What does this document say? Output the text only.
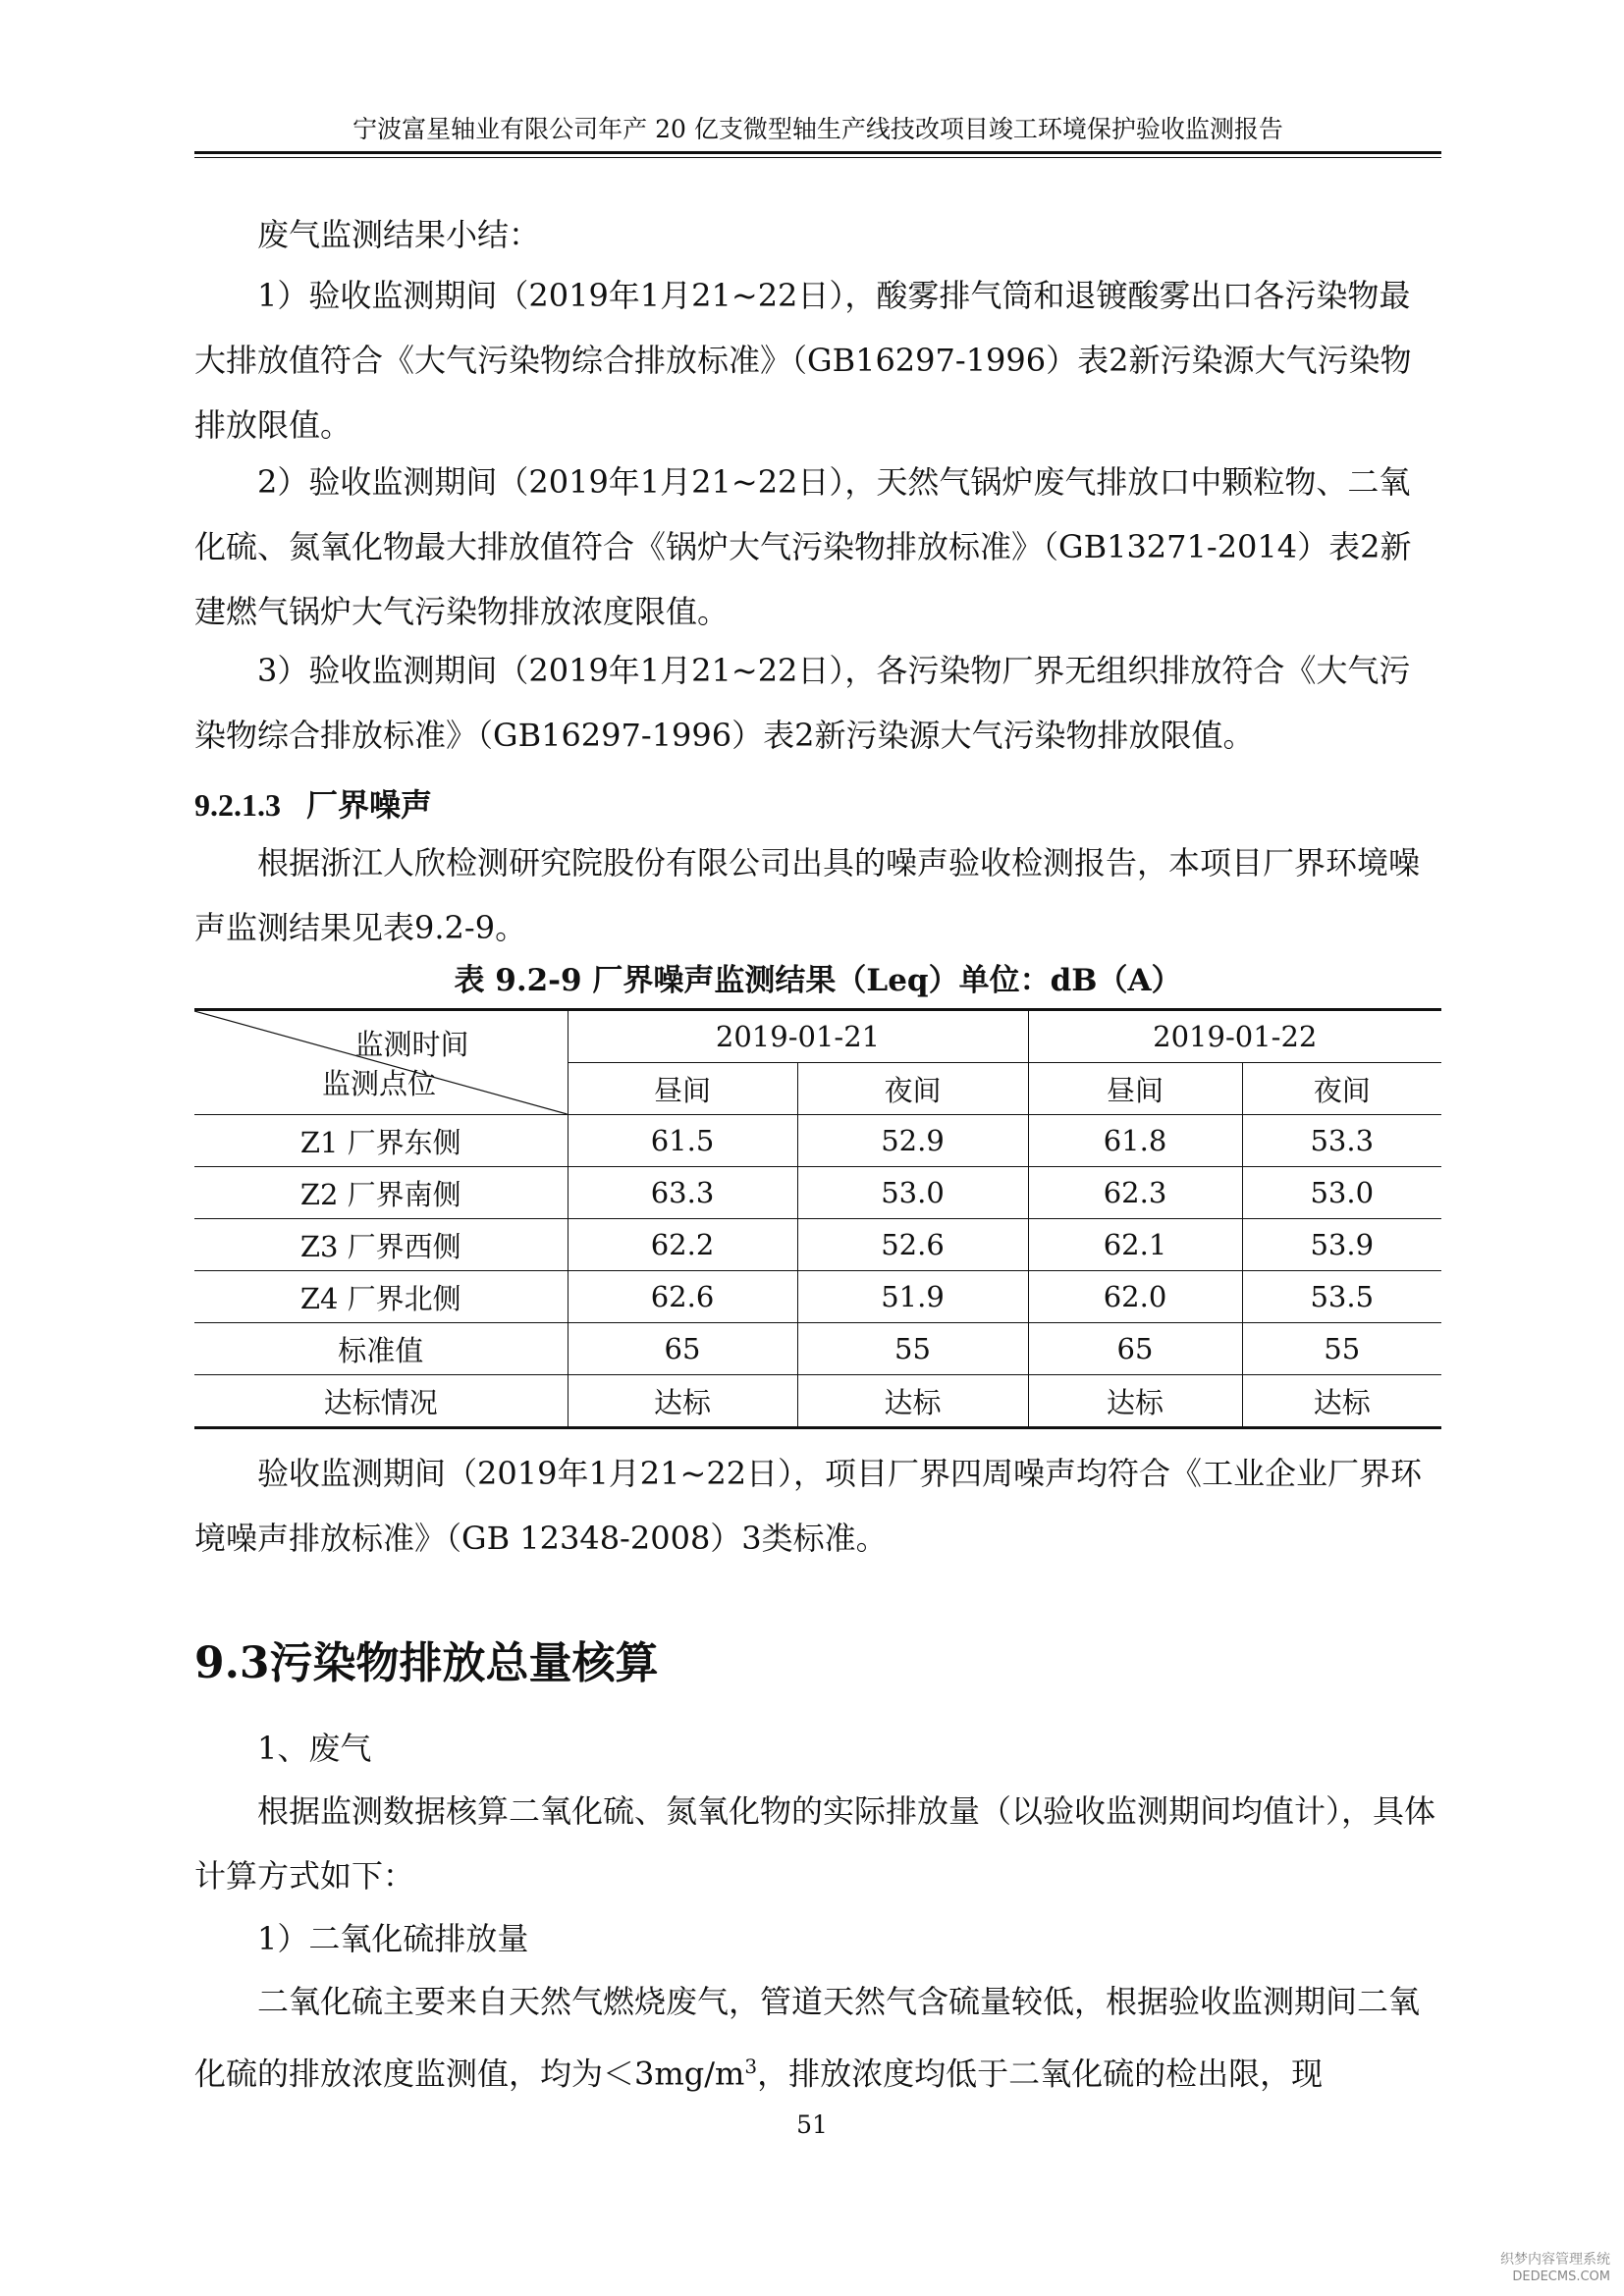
宁波富星轴业有限公司年产 20 亿支微型轴生产线技改项目竣工环境保护验收监测报告

废气监测结果小结：

1）验收监测期间（2019年1月21~22日），酸雾排气筒和退镀酸雾出口各污染物最大排放值符合《大气污染物综合排放标准》（GB16297-1996）表2新污染源大气污染物排放限值。

2）验收监测期间（2019年1月21~22日），天然气锅炉废气排放口中颗粒物、二氧化硫、氮氧化物最大排放值符合《锅炉大气污染物排放标准》（GB13271-2014）表2新建燃气锅炉大气污染物排放浓度限值。

3）验收监测期间（2019年1月21~22日），各污染物厂界无组织排放符合《大气污染物综合排放标准》（GB16297-1996）表2新污染源大气污染物排放限值。

9.2.1.3 厂界噪声

根据浙江人欣检测研究院股份有限公司出具的噪声验收检测报告，本项目厂界环境噪声监测结果见表9.2-9。

表 9.2-9 厂界噪声监测结果（Leq）单位：dB（A）
监测时间
监测点位	2019-01-21		2019-01-22	
	昼间	夜间	昼间	夜间
Z1 厂界东侧	61.5	52.9	61.8	53.3
Z2 厂界南侧	63.3	53.0	62.3	53.0
Z3 厂界西侧	62.2	52.6	62.1	53.9
Z4 厂界北侧	62.6	51.9	62.0	53.5
标准值	65	55	65	55
达标情况	达标	达标	达标	达标

验收监测期间（2019年1月21~22日），项目厂界四周噪声均符合《工业企业厂界环境噪声排放标准》（GB 12348-2008）3类标准。

9.3污染物排放总量核算

1、废气

根据监测数据核算二氧化硫、氮氧化物的实际排放量（以验收监测期间均值计），具体计算方式如下：

1）二氧化硫排放量

二氧化硫主要来自天然气燃烧废气，管道天然气含硫量较低，根据验收监测期间二氧化硫的排放浓度监测值，均为$<3mg/m^3$，排放浓度均低于二氧化硫的检出限，现

51
织梦内容管理系统
DEDECMS.COM
